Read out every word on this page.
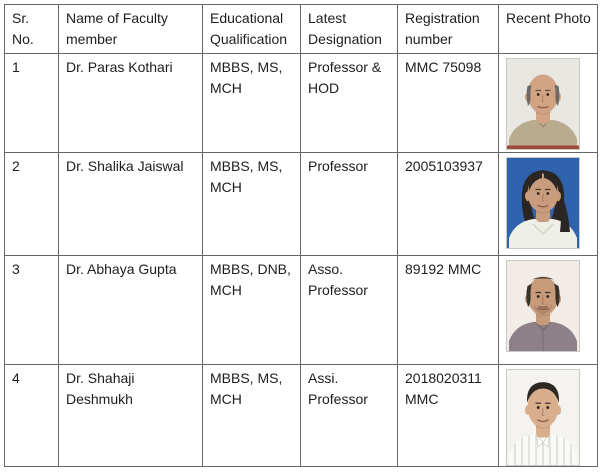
Sr. No.	Name of Faculty member	Educational Qualification	Latest Designation	Registration number	Recent Photo
1	Dr. Paras Kothari	MBBS, MS, MCH	Professor & HOD	MMC 75098	

2	Dr. Shalika Jaiswal	MBBS, MS, MCH	Professor	2005103937	

3	Dr. Abhaya Gupta	MBBS, DNB, MCH	Asso. Professor	89192 MMC	

4	Dr. Shahaji Deshmukh	MBBS, MS, MCH	Assi. Professor	2018020311 MMC	
